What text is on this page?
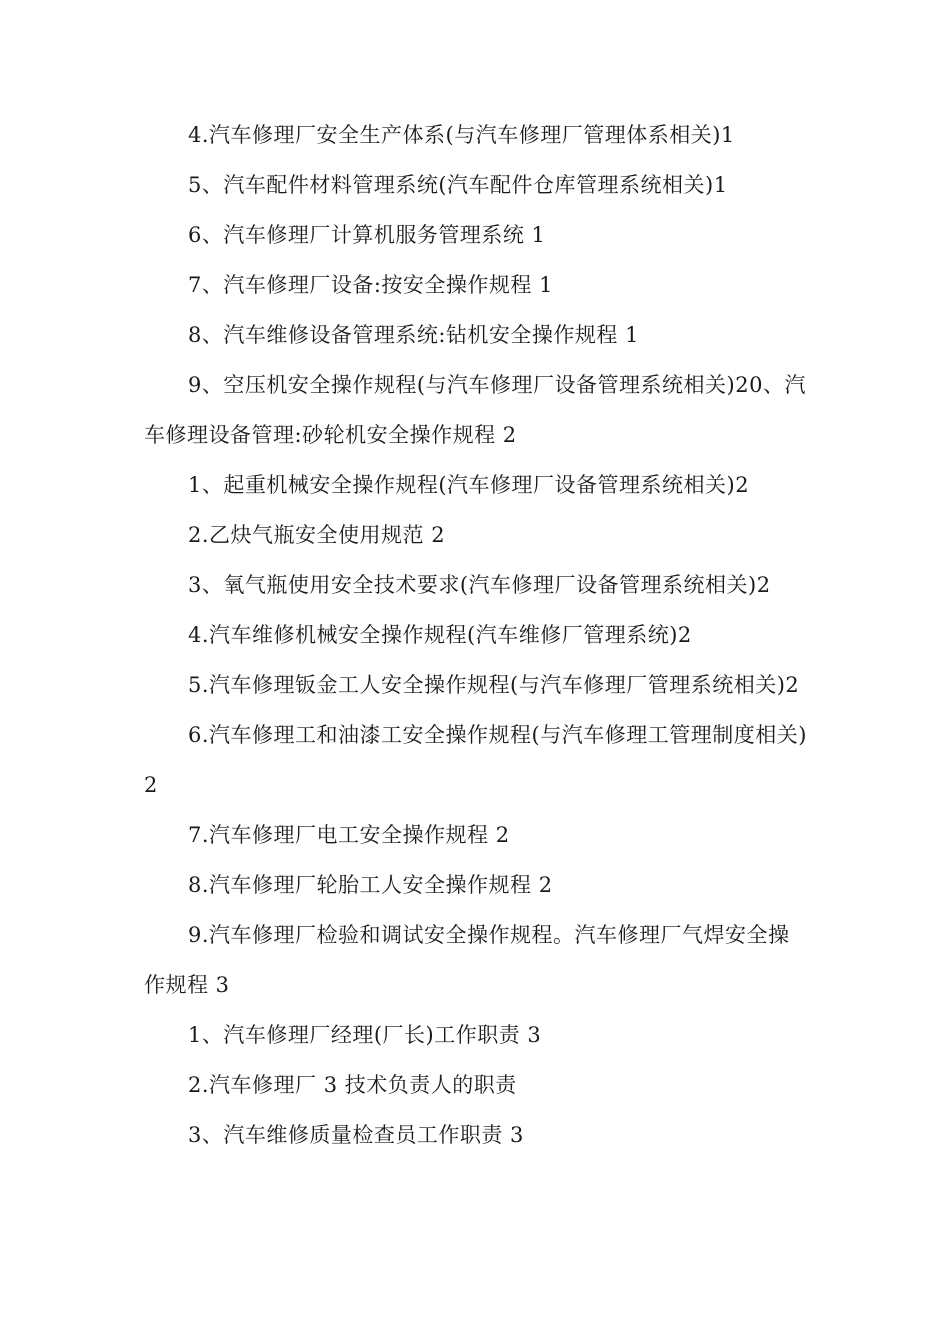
4.汽车修理厂安全生产体系(与汽车修理厂管理体系相关)1

5、汽车配件材料管理系统(汽车配件仓库管理系统相关)1

6、汽车修理厂计算机服务管理系统 1

7、汽车修理厂设备:按安全操作规程 1

8、汽车维修设备管理系统:钻机安全操作规程 1

9、空压机安全操作规程(与汽车修理厂设备管理系统相关)20、汽车修理设备管理:砂轮机安全操作规程 2

1、起重机械安全操作规程(汽车修理厂设备管理系统相关)2

2.乙炔气瓶安全使用规范 2

3、氧气瓶使用安全技术要求(汽车修理厂设备管理系统相关)2

4.汽车维修机械安全操作规程(汽车维修厂管理系统)2

5.汽车修理钣金工人安全操作规程(与汽车修理厂管理系统相关)2

6.汽车修理工和油漆工安全操作规程(与汽车修理工管理制度相关)2

7.汽车修理厂电工安全操作规程 2

8.汽车修理厂轮胎工人安全操作规程 2

9.汽车修理厂检验和调试安全操作规程。汽车修理厂气焊安全操作规程 3

1、汽车修理厂经理(厂长)工作职责 3

2.汽车修理厂 3 技术负责人的职责

3、汽车维修质量检查员工作职责 3
